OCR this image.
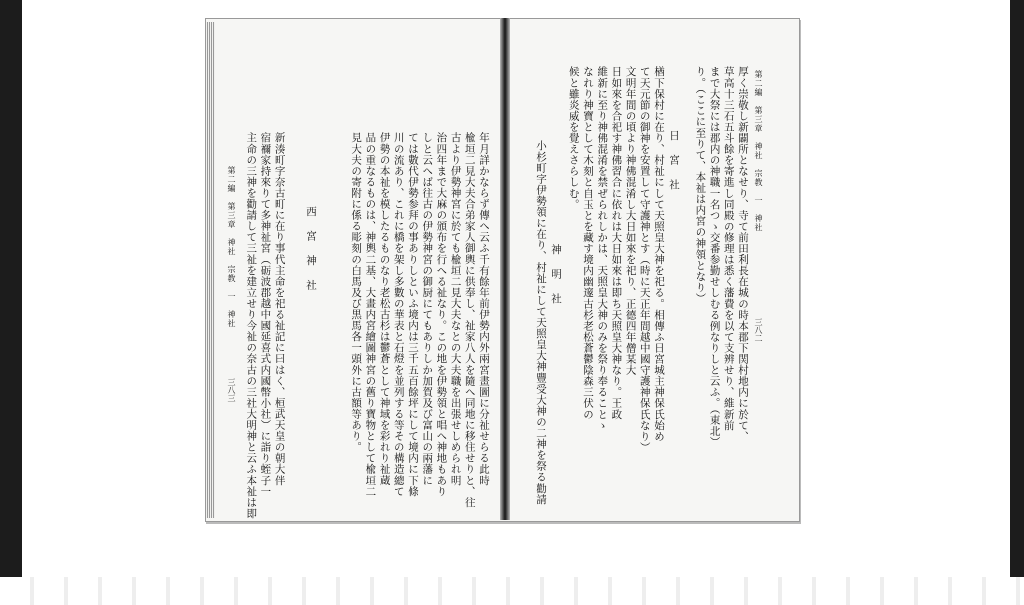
第二編　第三章　神社　宗教　一　神社
三八三	年月詳かならず傳へ云ふ千有餘年前伊勢内外兩宮畫圖に分祉せらる此時

楡垣二見大夫合弟家人御輿に供奉し、祉家八人を隨へ同地に移住せりと、往

古より伊勢神宮に於ても楡垣二見大夫なとの大夫職を出張せしめられ明

治四年まで大麻の頒布を行へる祉なり。この地を伊勢領と唱へ神地もあり

しと云へば往古の伊勢神宮の御厨にてもありしか加賀及び富山の兩藩に

ては數代伊勢参拜の事ありしといふ境内は三千五百餘坪にして境内に下條

川の流あり、これに橋を架し多數の華表と石燈を並列する等その構造總て

伊勢の本祉を模したるものなり老松古杉は鬱蒼として神域を彩れり祉蔵

品の重なるものは、神輿二基、大畫内宮繪圖神宮の舊り寶物として楡垣二

見大夫の寄附に係る彫刻の白馬及び黒馬各一頭外に古額等あり。

西宮神社

新湊町字奈古町に在り事代主命を祀る祉記に曰はく、桓武天皇の朝大伴

宿禰家持來りて多神祉宮（砺波郡越中國延喜式内國幣小社）に詣り蛭子一

主命の三神を勸請して三祉を建立せり今祉の奈古の三社大明神と云ふ本祉は即	第二編　第三章　神社　宗教　一　神社
三八二

厚く崇敬し新闢所となせり、寺て前田利長在城の時本郡下関村地内に於て、

草高十三石五斗餘を寄進し同殿の修理は悉く藩費を以て支辨せり、維新前

まで大祭には郡内の神職一名つゝ交番参勤せしむる例なりしと云ふ。（東北）

り。（ここに至りて、本祉は内宮の神領となり）

日宮社

楢下保村に在り、村祉にして天照皇大神を祀る。相傳ふ日宮城主神保氏始め

て天元節の御神を安置して守護神とす（時に天正年間越中國守護神保氏なり）

文明年間の頃より神佛混淆し大日如來を祀り、正德四年僧某大

日如來を合祀す神佛習合に依れは大日如來は即ち天照皇大神なり。王政

維新に至り神佛混淆を禁ぜられしかは、天照皇大神のみを祭り奉ることゝ

なれり神寶として木刻と自玉とを藏す境内幽邃古杉老松蒼鬱陰森三伏の

候と雖炎威を覺えさらしむ。

神明社

小杉町字伊勢領に在り、村祉にして天照皇大神豐受大神の二神を祭る勸請
